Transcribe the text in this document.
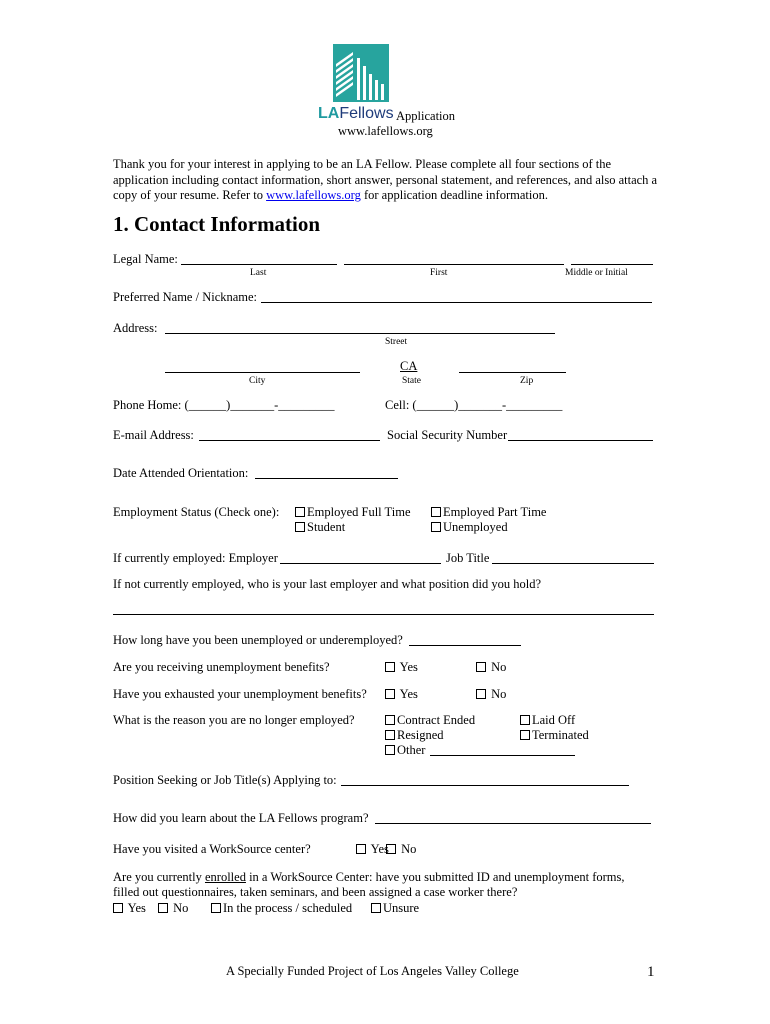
LAFellows Application
www.lafellows.org
Thank you for your interest in applying to be an LA Fellow. Please complete all four sections of the application including contact information, short answer, personal statement, and references, and also attach a copy of your resume. Refer to www.lafellows.org for application deadline information.
1. Contact Information
Legal Name:
Last	First	Middle or Initial
Preferred Name / Nickname:
Address:
Street
CA
City	State	Zip
Phone Home: (______)_______-_________	Cell: (______)_______-_________
E-mail Address:	Social Security Number
Date Attended Orientation:
Employment Status (Check one):	Employed Full Time	Employed Part Time
Student	Unemployed
If currently employed: Employer	Job Title
If not currently employed, who is your last employer and what position did you hold?
How long have you been unemployed or underemployed?
Are you receiving unemployment benefits?	Yes	No
Have you exhausted your unemployment benefits?	Yes	No
What is the reason you are no longer employed?	Contract Ended	Laid Off
Resigned	Terminated
Other
Position Seeking or Job Title(s) Applying to:
How did you learn about the LA Fellows program?
Have you visited a WorkSource center?	Yes No
Are you currently enrolled in a WorkSource Center: have you submitted ID and unemployment forms,
filled out questionnaires, taken seminars, and been assigned a case worker there?
Yes	No	In the process / scheduled	Unsure
A Specially Funded Project of Los Angeles Valley College	1
